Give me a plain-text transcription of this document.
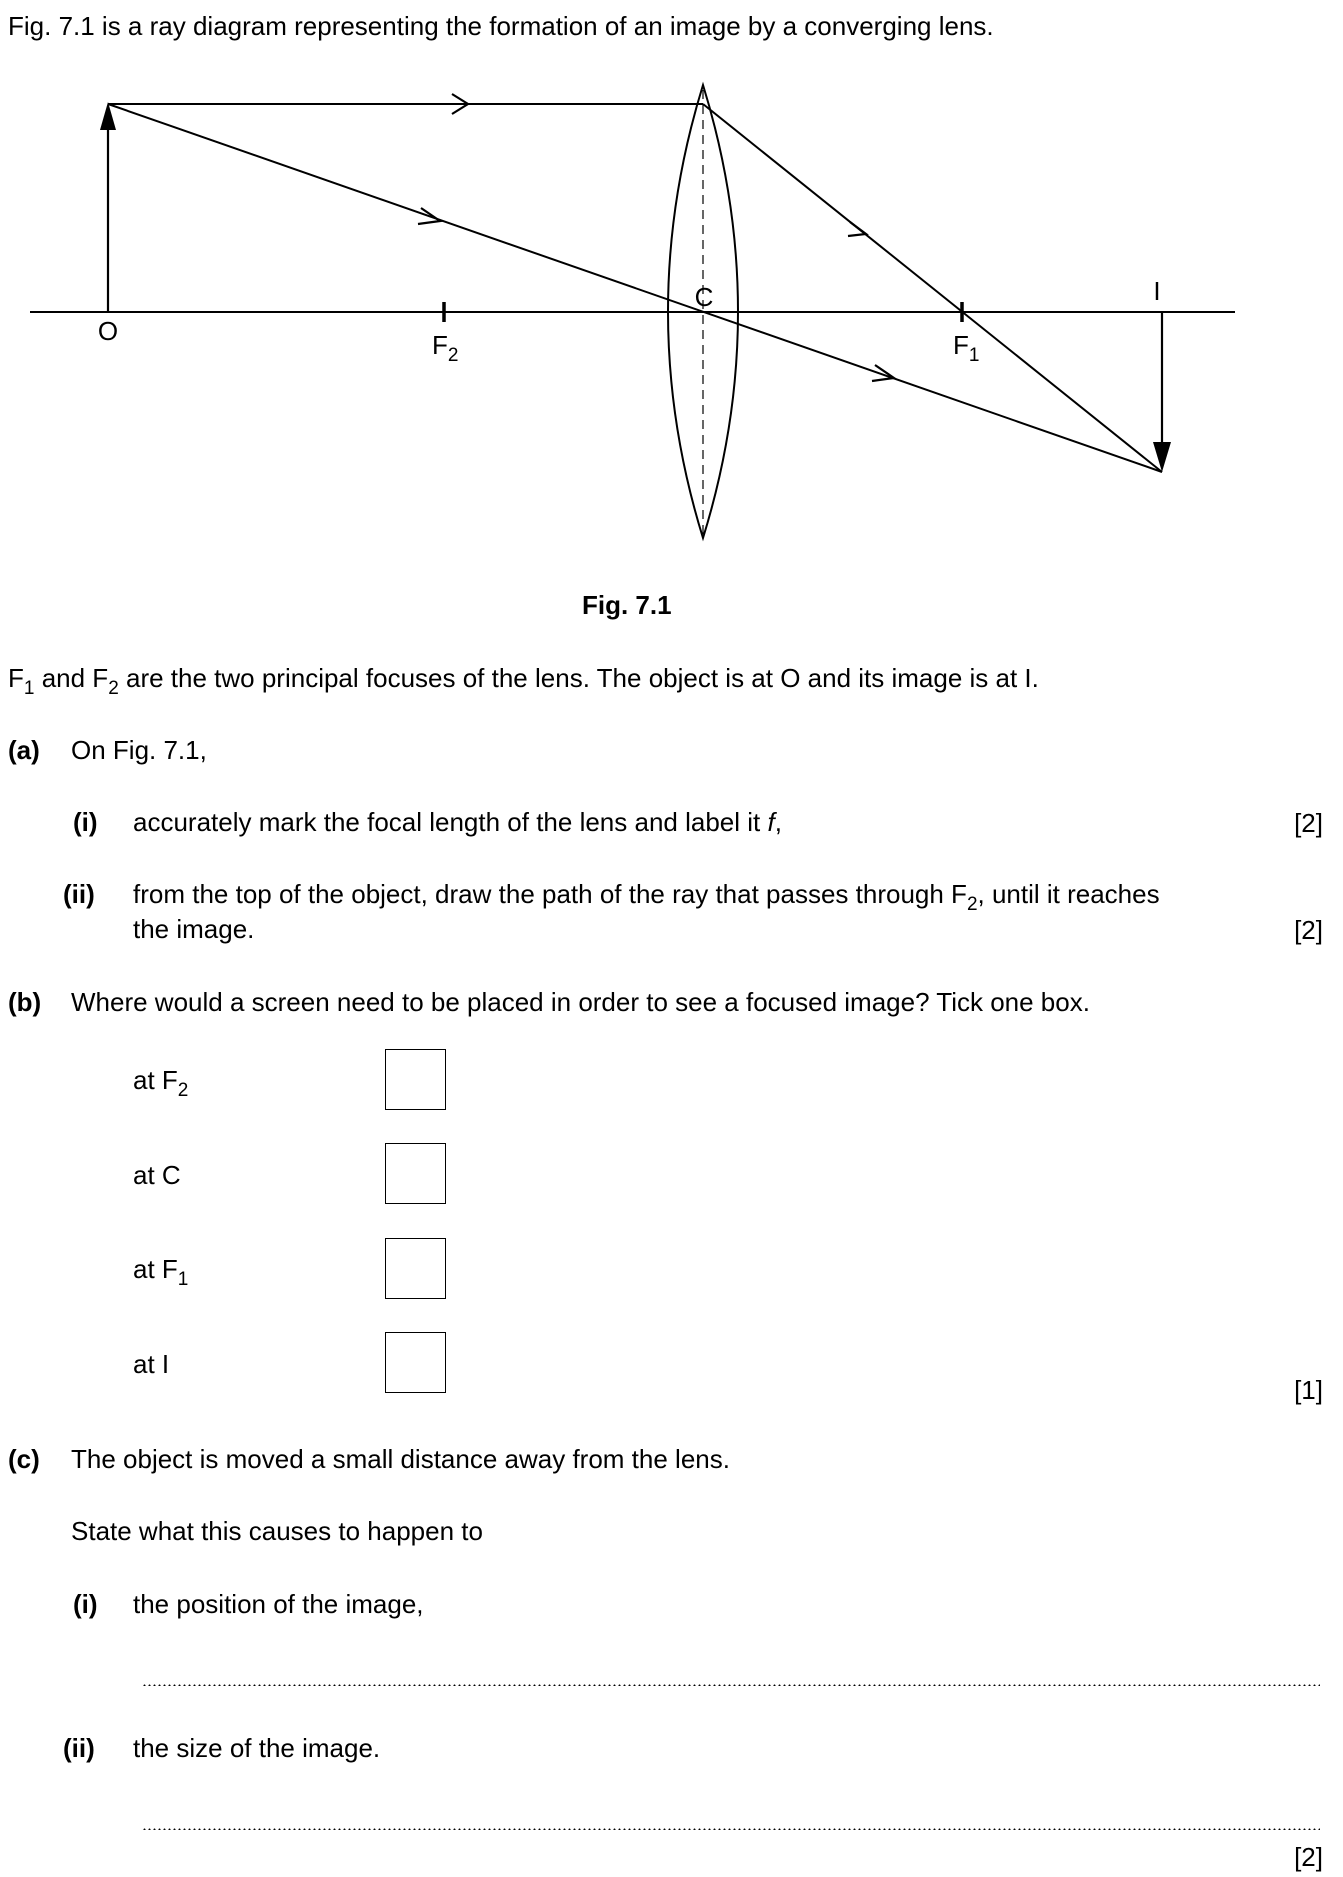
Fig. 7.1 is a ray diagram representing the formation of an image by a converging lens.
O	$F_2$
C
$F_1$
I
Fig. 7.1
$F_1$ and $F_2$ are the two principal focuses of the lens. The object is at O and its image is at I.
(a) On Fig. 7.1,
(i) accurately mark the focal length of the lens and label it f,	[2]
(ii) from the top of the object, draw the path of the ray that passes through $F_2$, until it reaches
the image.	[2]
(b) Where would a screen need to be placed in order to see a focused image? Tick one box.
at $F_2$
at C
at $F_1$
at I
[1]
(c) The object is moved a small distance away from the lens.
State what this causes to happen to
(i) the position of the image,
(ii) the size of the image.
[2]
